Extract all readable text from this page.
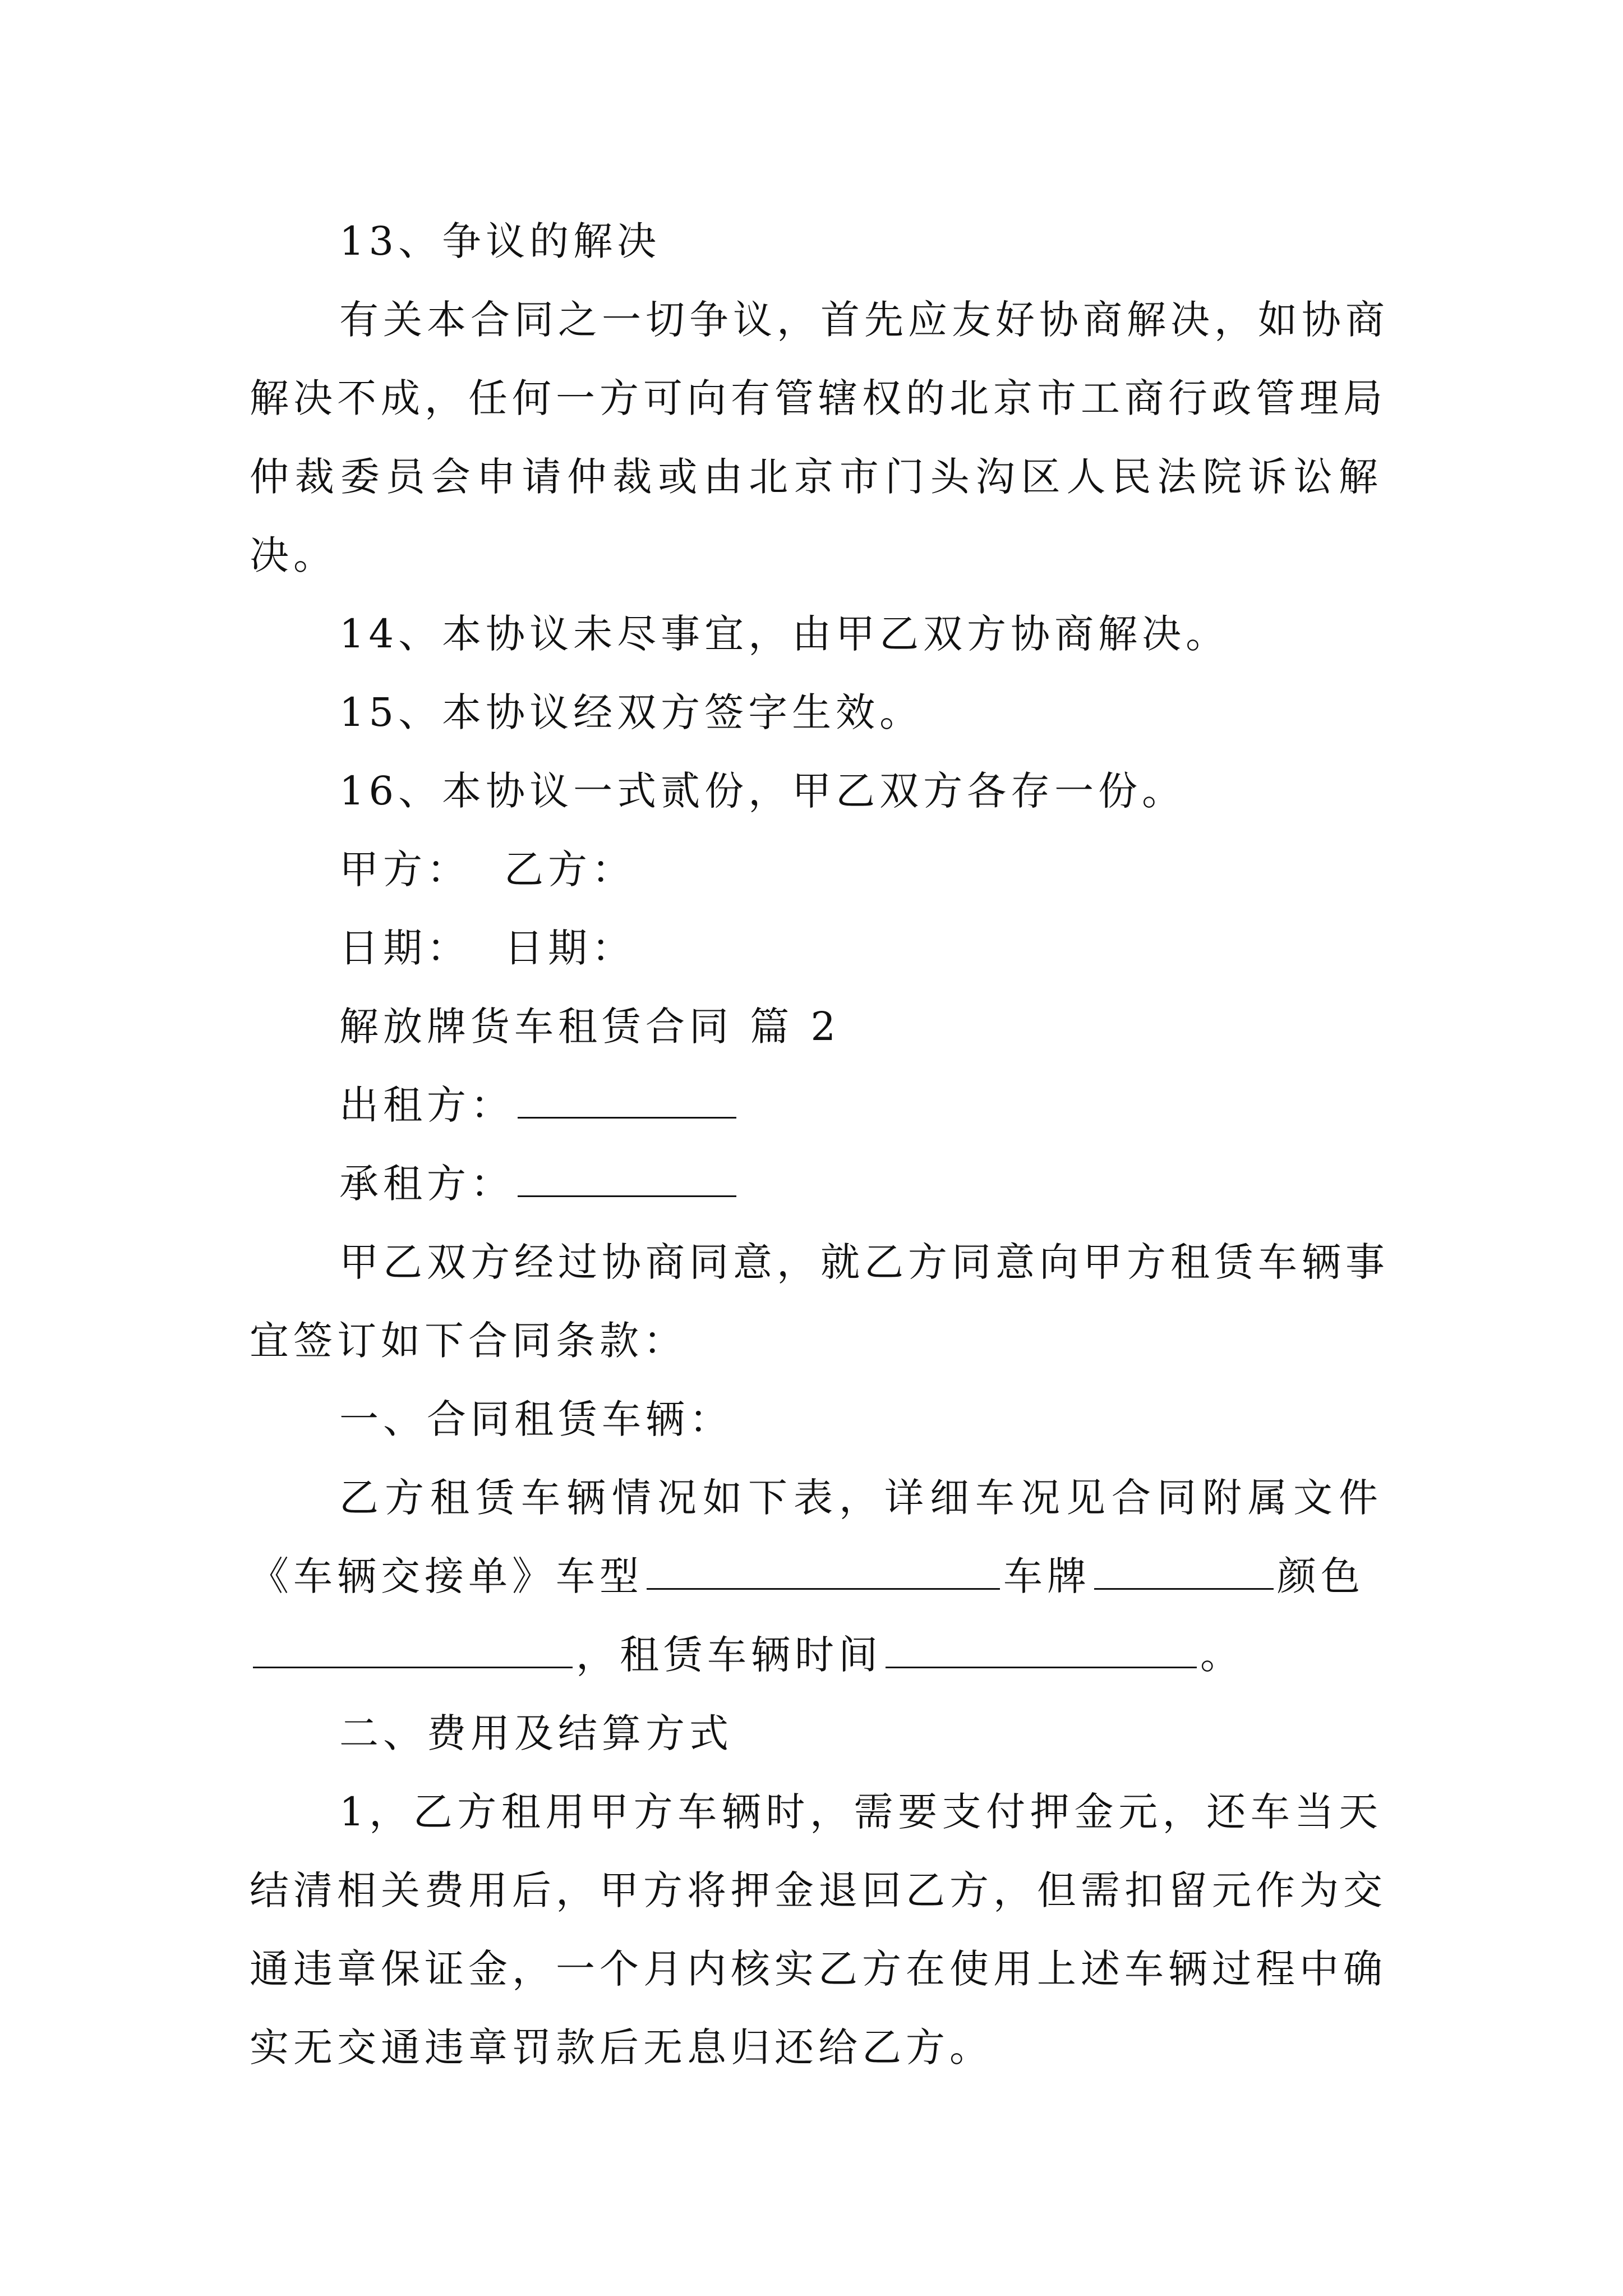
13、争议的解决
有关本合同之一切争议，首先应友好协商解决，如协商
解决不成，任何一方可向有管辖权的北京市工商行政管理局
仲裁委员会申请仲裁或由北京市门头沟区人民法院诉讼解
决。
14、本协议未尽事宜，由甲乙双方协商解决。
15、本协议经双方签字生效。
16、本协议一式贰份，甲乙双方各存一份。
甲方： 乙方：
日期： 日期：
解放牌货车租赁合同 篇 2
出租方：
承租方：
甲乙双方经过协商同意，就乙方同意向甲方租赁车辆事
宜签订如下合同条款：
一、合同租赁车辆：
乙方租赁车辆情况如下表，详细车况见合同附属文件
《车辆交接单》车型	车牌	颜色
，租赁车辆时间	。
二、费用及结算方式
1，乙方租用甲方车辆时，需要支付押金元，还车当天
结清相关费用后，甲方将押金退回乙方，但需扣留元作为交
通违章保证金，一个月内核实乙方在使用上述车辆过程中确
实无交通违章罚款后无息归还给乙方。
